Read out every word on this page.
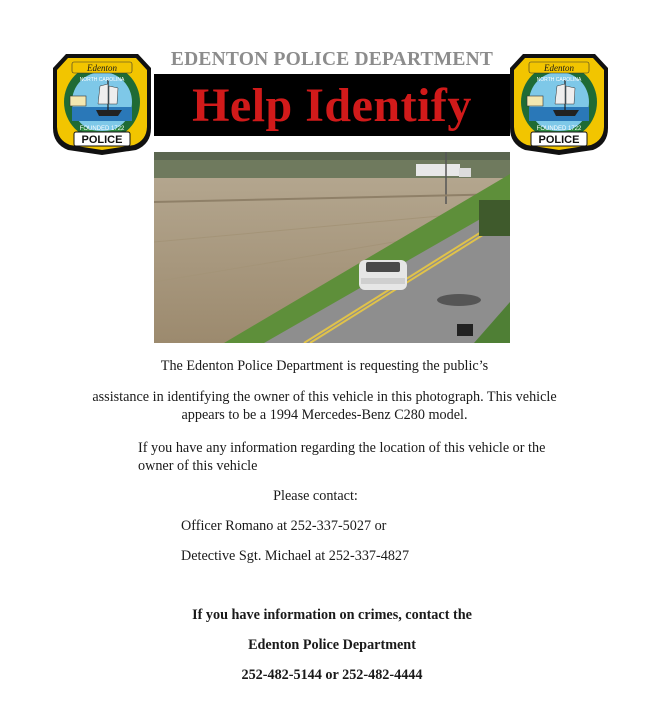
Edenton
NORTH CAROLINA
FOUNDED 1722
POLICE
Edenton
NORTH CAROLINA
FOUNDED 1722
POLICE
EDENTON POLICE DEPARTMENT
Help Identify
The Edenton Police Department is requesting the public’s
assistance in identifying the owner of this vehicle in this photograph. This vehicle
appears to be a 1994 Mercedes-Benz C280 model.
If you have any information regarding the location of this vehicle or the
owner of this vehicle
Please contact:
Officer Romano at 252-337-5027 or
Detective Sgt. Michael at 252-337-4827
If you have information on crimes, contact the
Edenton Police Department
252-482-5144 or 252-482-4444
